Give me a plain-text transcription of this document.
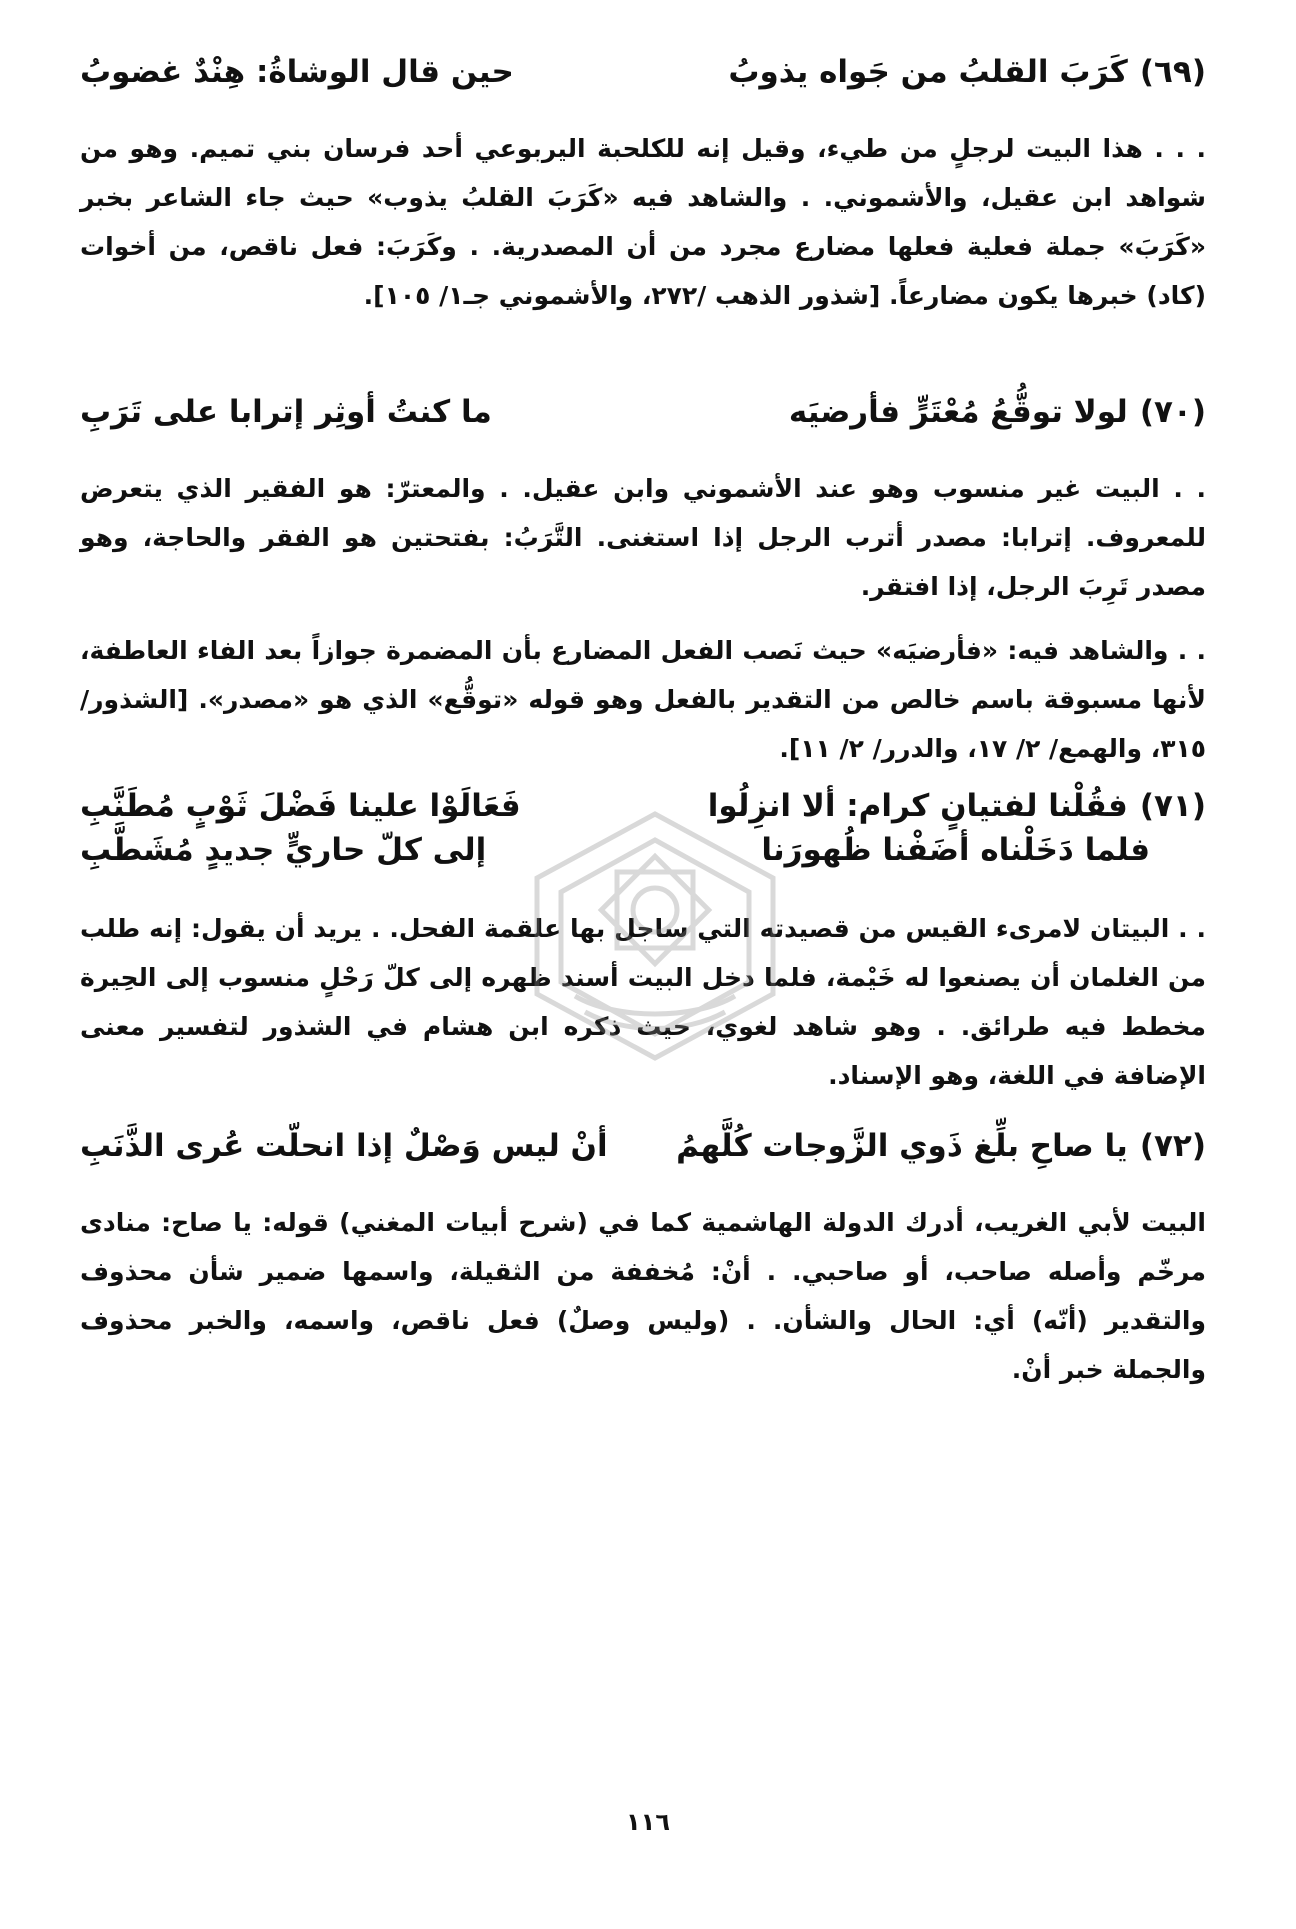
(٦٩)
كَرَبَ القلبُ من جَواه يذوبُ
حين قال الوشاةُ: هِنْدٌ غضوبُ

. . . هذا البيت لرجلٍ من طيء، وقيل إنه للكلحبة اليربوعي أحد فرسان بني تميم. وهو من شواهد ابن عقيل، والأشموني. . والشاهد فيه «كَرَبَ القلبُ يذوب» حيث جاء الشاعر بخبر «كَرَبَ» جملة فعلية فعلها مضارع مجرد من أن المصدرية. . وكَرَبَ: فعل ناقص، من أخوات (كاد) خبرها يكون مضارعاً. [شذور الذهب /٢٧٢، والأشموني جـ١/ ١٠٥].

(٧٠)
لولا توقُّعُ مُعْتَرٍّ فأرضيَه
ما كنتُ أوثِر إترابا على تَرَبِ

. . البيت غير منسوب وهو عند الأشموني وابن عقيل. . والمعترّ: هو الفقير الذي يتعرض للمعروف. إترابا: مصدر أترب الرجل إذا استغنى. التَّرَبُ: بفتحتين هو الفقر والحاجة، وهو مصدر تَرِبَ الرجل، إذا افتقر.

. . والشاهد فيه: «فأرضيَه» حيث نَصب الفعل المضارع بأن المضمرة جوازاً بعد الفاء العاطفة، لأنها مسبوقة باسم خالص من التقدير بالفعل وهو قوله «توقُّع» الذي هو «مصدر». [الشذور/ ٣١٥، والهمع/ ٢/ ١٧، والدرر/ ٢/ ١١].

(٧١)
فقُلْنا لفتيانٍ كرام: ألا انزِلُوا
فَعَالَوْا علينا فَضْلَ ثَوْبٍ مُطَنَّبِ
فلما دَخَلْناه أضَفْنا ظُهورَنا
إلى كلّ حاريٍّ جديدٍ مُشَطَّبِ

. . البيتان لامرىء القيس من قصيدته التي ساجل بها علقمة الفحل. . يريد أن يقول: إنه طلب من الغلمان أن يصنعوا له خَيْمة، فلما دخل البيت أسند ظهره إلى كلّ رَحْلٍ منسوب إلى الحِيرة مخطط فيه طرائق. . وهو شاهد لغوي، حيث ذكره ابن هشام في الشذور لتفسير معنى الإضافة في اللغة، وهو الإسناد.

(٧٢)
يا صاحِ بلِّغ ذَوي الزَّوجات كُلَّهمُ
أنْ ليس وَصْلٌ إذا انحلّت عُرى الذَّنَبِ

البيت لأبي الغريب، أدرك الدولة الهاشمية كما في (شرح أبيات المغني) قوله: يا صاح: منادى مرخّم وأصله صاحب، أو صاحبي. . أنْ: مُخففة من الثقيلة، واسمها ضمير شأن محذوف والتقدير (أنّه) أي: الحال والشأن. . (وليس وصلٌ) فعل ناقص، واسمه، والخبر محذوف والجملة خبر أنْ.

١١٦
